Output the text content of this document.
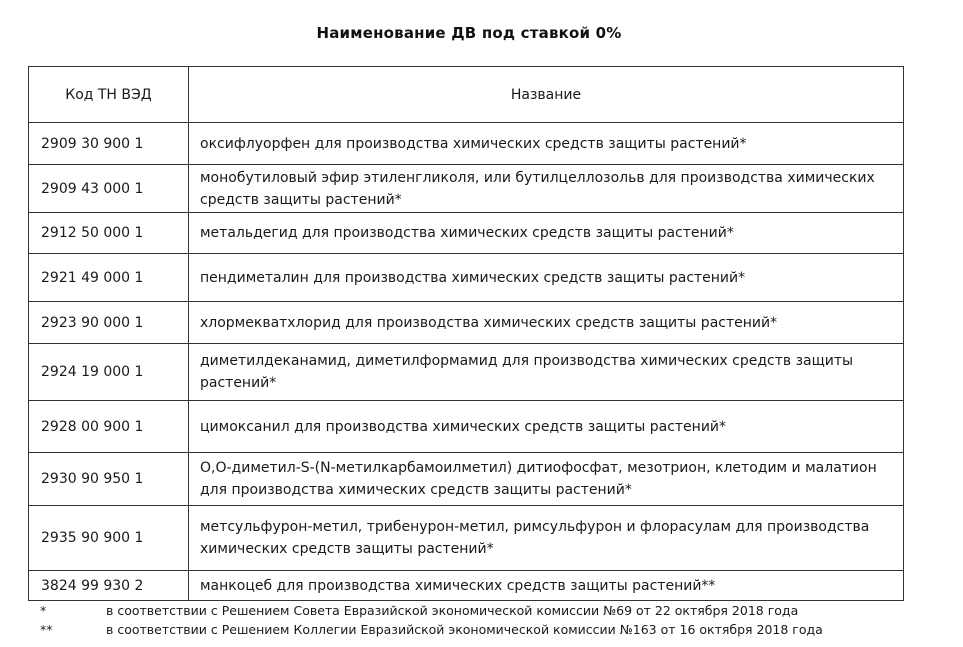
Наименование ДВ под ставкой 0%
Код ТН ВЭД	Название
2909 30 900 1	оксифлуорфен для производства химических средств защиты растений*
2909 43 000 1	монобутиловый эфир этиленгликоля, или бутилцеллозольв для производства химических средств защиты растений*
2912 50 000 1	метальдегид для производства химических средств защиты растений*
2921 49 000 1	пендиметалин для производства химических средств защиты растений*
2923 90 000 1	хлормекватхлорид для производства химических средств защиты растений*
2924 19 000 1	диметилдеканамид, диметилформамид для производства химических средств защиты растений*
2928 00 900 1	цимоксанил для производства химических средств защиты растений*
2930 90 950 1	О,О-диметил-S-(N-метилкарбамоилметил) дитиофосфат, мезотрион, клетодим и малатион для производства химических средств защиты растений*
2935 90 900 1	метсульфурон-метил, трибенурон-метил, римсульфурон и флорасулам для производства химических средств защиты растений*
3824 99 930 2	манкоцеб для производства химических средств защиты растений**
*	в соответствии с Решением Совета Евразийской экономической комиссии №69 от 22 октября 2018 года
**	в соответствии с Решением Коллегии Евразийской экономической комиссии №163 от 16 октября 2018 года
